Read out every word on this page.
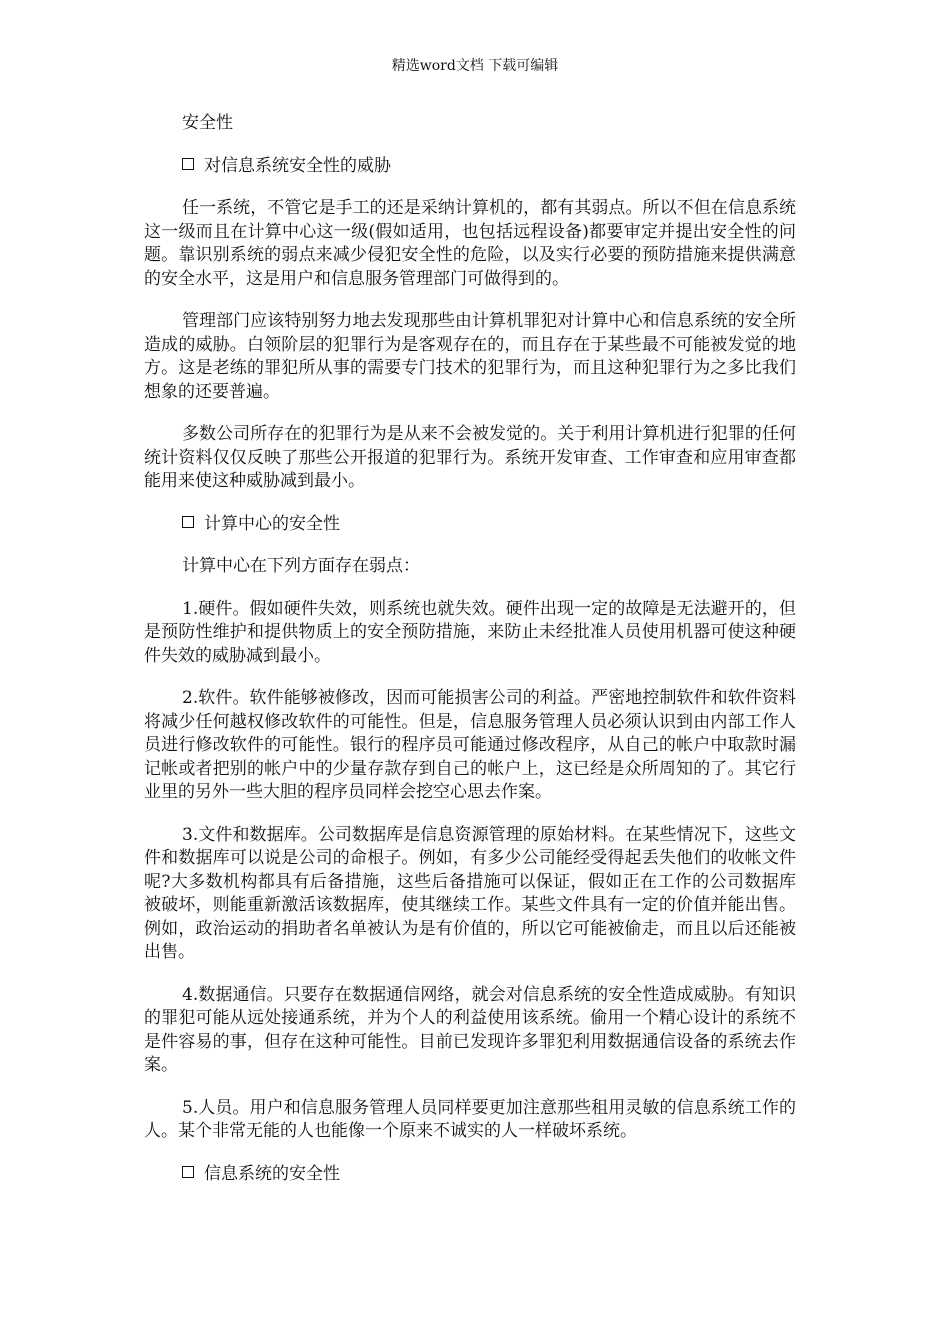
精选word文档 下载可编辑
安全性
对信息系统安全性的威胁

任一系统，不管它是手工的还是采纳计算机的，都有其弱点。所以不但在信息系统这一级而且在计算中心这一级(假如适用，也包括远程设备)都要审定并提出安全性的问题。靠识别系统的弱点来减少侵犯安全性的危险，以及实行必要的预防措施来提供满意的安全水平，这是用户和信息服务管理部门可做得到的。

管理部门应该特别努力地去发现那些由计算机罪犯对计算中心和信息系统的安全所造成的威胁。白领阶层的犯罪行为是客观存在的，而且存在于某些最不可能被发觉的地方。这是老练的罪犯所从事的需要专门技术的犯罪行为，而且这种犯罪行为之多比我们想象的还要普遍。

多数公司所存在的犯罪行为是从来不会被发觉的。关于利用计算机进行犯罪的任何统计资料仅仅反映了那些公开报道的犯罪行为。系统开发审查、工作审查和应用审查都能用来使这种威胁减到最小。

计算中心的安全性

计算中心在下列方面存在弱点：

1.硬件。假如硬件失效，则系统也就失效。硬件出现一定的故障是无法避开的，但是预防性维护和提供物质上的安全预防措施，来防止未经批准人员使用机器可使这种硬件失效的威胁减到最小。

2.软件。软件能够被修改，因而可能损害公司的利益。严密地控制软件和软件资料将减少任何越权修改软件的可能性。但是，信息服务管理人员必须认识到由内部工作人员进行修改软件的可能性。银行的程序员可能通过修改程序，从自己的帐户中取款时漏记帐或者把别的帐户中的少量存款存到自己的帐户上，这已经是众所周知的了。其它行业里的另外一些大胆的程序员同样会挖空心思去作案。

3.文件和数据库。公司数据库是信息资源管理的原始材料。在某些情况下，这些文件和数据库可以说是公司的命根子。例如，有多少公司能经受得起丢失他们的收帐文件呢?大多数机构都具有后备措施，这些后备措施可以保证，假如正在工作的公司数据库被破坏，则能重新激活该数据库，使其继续工作。某些文件具有一定的价值并能出售。例如，政治运动的捐助者名单被认为是有价值的，所以它可能被偷走，而且以后还能被出售。

4.数据通信。只要存在数据通信网络，就会对信息系统的安全性造成威胁。有知识的罪犯可能从远处接通系统，并为个人的利益使用该系统。偷用一个精心设计的系统不是件容易的事，但存在这种可能性。目前已发现许多罪犯利用数据通信设备的系统去作案。

5.人员。用户和信息服务管理人员同样要更加注意那些租用灵敏的信息系统工作的人。某个非常无能的人也能像一个原来不诚实的人一样破坏系统。

信息系统的安全性
